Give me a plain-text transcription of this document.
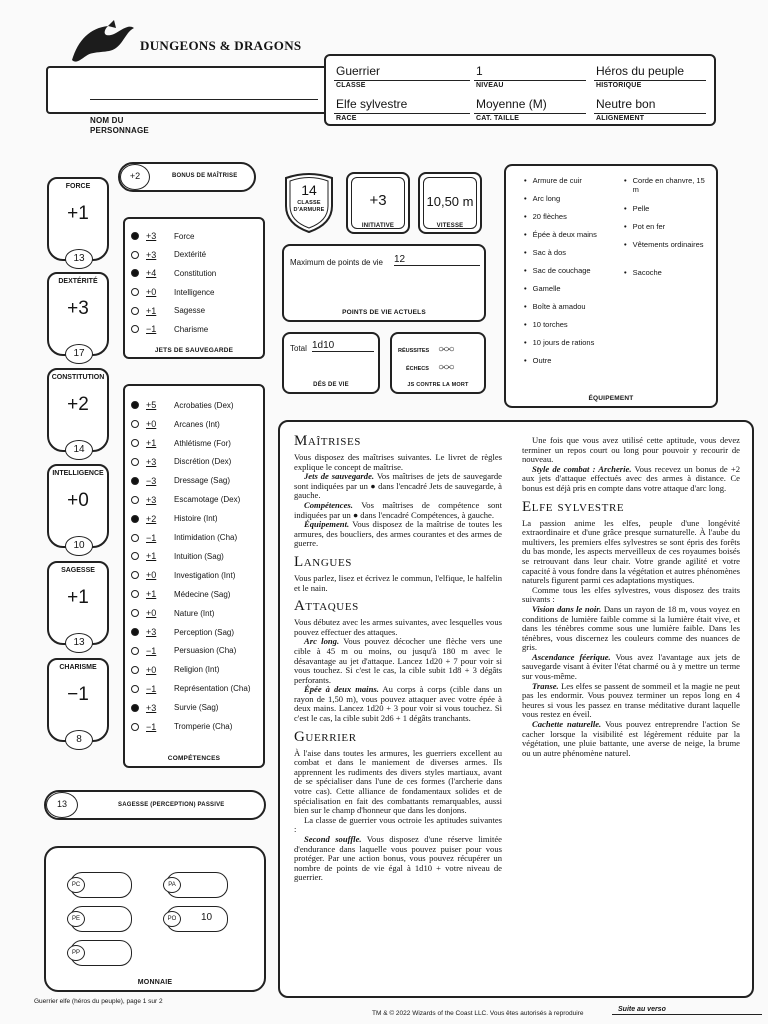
DUNGEONS & DRAGONS
NOM DU PERSONNAGE
Guerrier
CLASSE
1
NIVEAU
Héros du peuple
HISTORIQUE
Elfe sylvestre
RACE
Moyenne (M)
CAT. TAILLE
Neutre bon
ALIGNEMENT
+2	BONUS DE MAÎTRISE
FORCE
+1
13
DEXTÉRITÉ
+3
17
CONSTITUTION
+2
14
INTELLIGENCE
+0
10
SAGESSE
+1
13
CHARISME
−1
8
+3	Force
+3	Dextérité
+4	Constitution
+0	Intelligence
+1	Sagesse
−1	Charisme
JETS DE SAUVEGARDE
+5	Acrobaties (Dex)
+0	Arcanes (Int)
+1	Athlétisme (For)
+3	Discrétion (Dex)
−3	Dressage (Sag)
+3	Escamotage (Dex)
+2	Histoire (Int)
−1	Intimidation (Cha)
+1	Intuition (Sag)
+0	Investigation (Int)
+1	Médecine (Sag)
+0	Nature (Int)
+3	Perception (Sag)
−1	Persuasion (Cha)
+0	Religion (Int)
−1	Représentation (Cha)
+3	Survie (Sag)
−1	Tromperie (Cha)
COMPÉTENCES
13	SAGESSE (PERCEPTION) PASSIVE
PC	PA
PE	PO	10
PP
MONNAIE
14
CLASSE D'ARMURE
+3
INITIATIVE
10,50 m
VITESSE
Maximum de points de vie 12
POINTS DE VIE ACTUELS
Total 1d10
DÉS DE VIE
RÉUSSITES ○-○-○
ÉCHECS ○-○-○
JS CONTRE LA MORT
• Armure de cuir
• Arc long
• 20 flèches
• Épée à deux mains
• Sac à dos
• Sac de couchage
• Gamelle
• Boîte à amadou
• 10 torches
• 10 jours de rations
• Outre
• Corde en chanvre, 15 m
• Pelle
• Pot en fer
• Vêtements ordinaires
• Sacoche
ÉQUIPEMENT
Maîtrises

Vous disposez des maîtrises suivantes. Le livret de règles explique le concept de maîtrise.

Jets de sauvegarde. Vos maîtrises de jets de sauvegarde sont indiquées par un ● dans l'encadré Jets de sauvegarde, à gauche.

Compétences. Vos maîtrises de compétence sont indiquées par un ● dans l'encadré Compétences, à gauche.

Équipement. Vous disposez de la maîtrise de toutes les armures, des boucliers, des armes courantes et des armes de guerre.

Langues

Vous parlez, lisez et écrivez le commun, l'elfique, le halfelin et le nain.

Attaques

Vous débutez avec les armes suivantes, avec lesquelles vous pouvez effectuer des attaques.

Arc long. Vous pouvez décocher une flèche vers une cible à 45 m ou moins, ou jusqu'à 180 m avec le désavantage au jet d'attaque. Lancez 1d20 + 7 pour voir si vous touchez. Si c'est le cas, la cible subit 1d8 + 3 dégâts perforants.

Épée à deux mains. Au corps à corps (cible dans un rayon de 1,50 m), vous pouvez attaquer avec votre épée à deux mains. Lancez 1d20 + 3 pour voir si vous touchez. Si c'est le cas, la cible subit 2d6 + 1 dégâts tranchants.

Guerrier

À l'aise dans toutes les armures, les guerriers excellent au combat et dans le maniement de diverses armes. Ils apprennent les rudiments des divers styles martiaux, avant de se spécialiser dans l'une de ces formes (l'archerie dans votre cas). Cette alliance de fondamentaux solides et de spécialisation en fait des combattants remarquables, aussi bien sur le champ d'honneur que dans les donjons.

La classe de guerrier vous octroie les aptitudes suivantes :

Second souffle. Vous disposez d'une réserve limitée d'endurance dans laquelle vous pouvez puiser pour vous protéger. Par une action bonus, vous pouvez récupérer un nombre de points de vie égal à 1d10 + votre niveau de guerrier.

Une fois que vous avez utilisé cette aptitude, vous devez terminer un repos court ou long pour pouvoir y recourir de nouveau.

Style de combat : Archerie. Vous recevez un bonus de +2 aux jets d'attaque effectués avec des armes à distance. Ce bonus est déjà pris en compte dans votre attaque d'arc long.

Elfe sylvestre

La passion anime les elfes, peuple d'une longévité extraordinaire et d'une grâce presque surnaturelle. À l'aube du multivers, les premiers elfes sylvestres se sont épris des forêts du bas monde, les aspects merveilleux de ces royaumes boisés se retrouvant dans leur chair. Votre grande agilité et votre capacité à vous fondre dans la végétation et autres phénomènes naturels figurent parmi ces adaptations mystiques.

Comme tous les elfes sylvestres, vous disposez des traits suivants :

Vision dans le noir. Dans un rayon de 18 m, vous voyez en conditions de lumière faible comme si la lumière était vive, et dans les ténèbres comme sous une lumière faible. Dans les ténèbres, vous discernez les couleurs comme des nuances de gris.

Ascendance féerique. Vous avez l'avantage aux jets de sauvegarde visant à éviter l'état charmé ou à y mettre un terme sur vous-même.

Transe. Les elfes se passent de sommeil et la magie ne peut pas les endormir. Vous pouvez terminer un repos long en 4 heures si vous les passez en transe méditative durant laquelle vous restez en éveil.

Cachette naturelle. Vous pouvez entreprendre l'action Se cacher lorsque la visibilité est légèrement réduite par la végétation, une pluie battante, une averse de neige, la brume ou un autre phénomène naturel.

Guerrier elfe (héros du peuple), page 1 sur 2
TM & © 2022 Wizards of the Coast LLC. Vous êtes autorisés à reproduire
Suite au verso
